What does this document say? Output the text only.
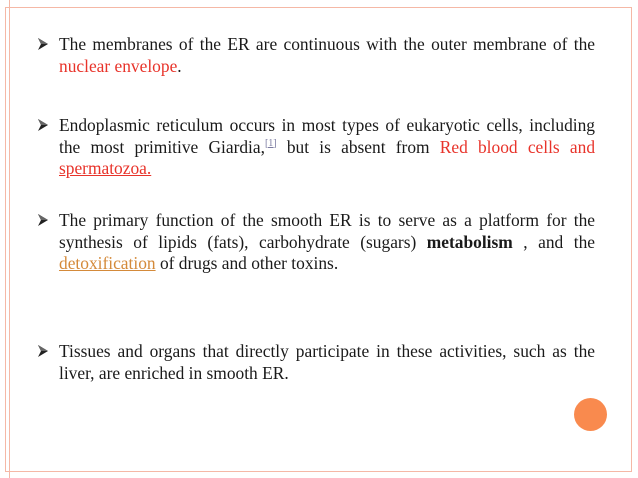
The membranes of the ER are continuous with the outer membrane of the nuclear envelope.
Endoplasmic reticulum occurs in most types of eukaryotic cells, including the most primitive Giardia,[1] but is absent from Red blood cells and spermatozoa.
The primary function of the smooth ER is to serve as a platform for the synthesis of lipids (fats), carbohydrate (sugars) metabolism , and the detoxification of drugs and other toxins.
Tissues and organs that directly participate in these activities, such as the liver, are enriched in smooth ER.
